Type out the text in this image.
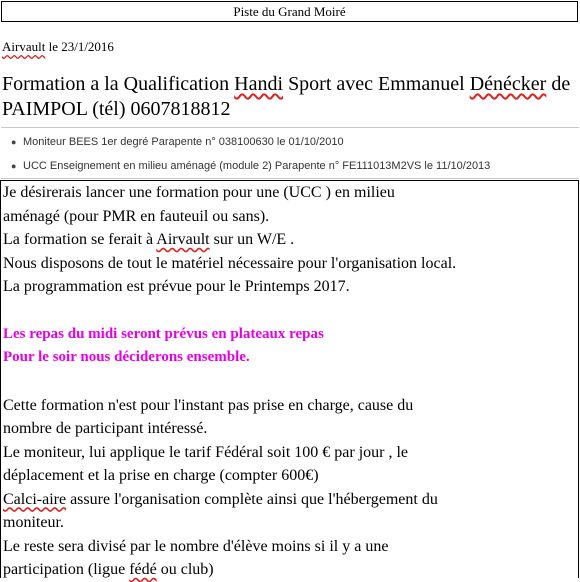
Piste du Grand Moiré
Airvault le 23/1/2016
Formation a la Qualification Handi Sport avec Emmanuel Dénécker de PAIMPOL (tél) 0607818812
● Moniteur BEES 1er degré Parapente n° 038100630 le 01/10/2010
● UCC Enseignement en milieu aménagé (module 2) Parapente n° FE111013M2VS le 11/10/2013

Je désirerais lancer une formation pour une (UCC ) en milieu

aménagé (pour PMR en fauteuil ou sans).

La formation se ferait à Airvault sur un W/E .

Nous disposons de tout le matériel nécessaire pour l'organisation local.

La programmation est prévue pour le Printemps 2017.

Les repas du midi seront prévus en plateaux repas

Pour le soir nous déciderons ensemble.

Cette formation n'est pour l'instant pas prise en charge, cause du

nombre de participant intéressé.

Le moniteur, lui applique le tarif Fédéral soit 100 € par jour , le

déplacement et la prise en charge (compter 600€)

Calci-aire assure l'organisation complète ainsi que l'hébergement du

moniteur.

Le reste sera divisé par le nombre d'élève moins si il y a une

participation (ligue fédé ou club)
